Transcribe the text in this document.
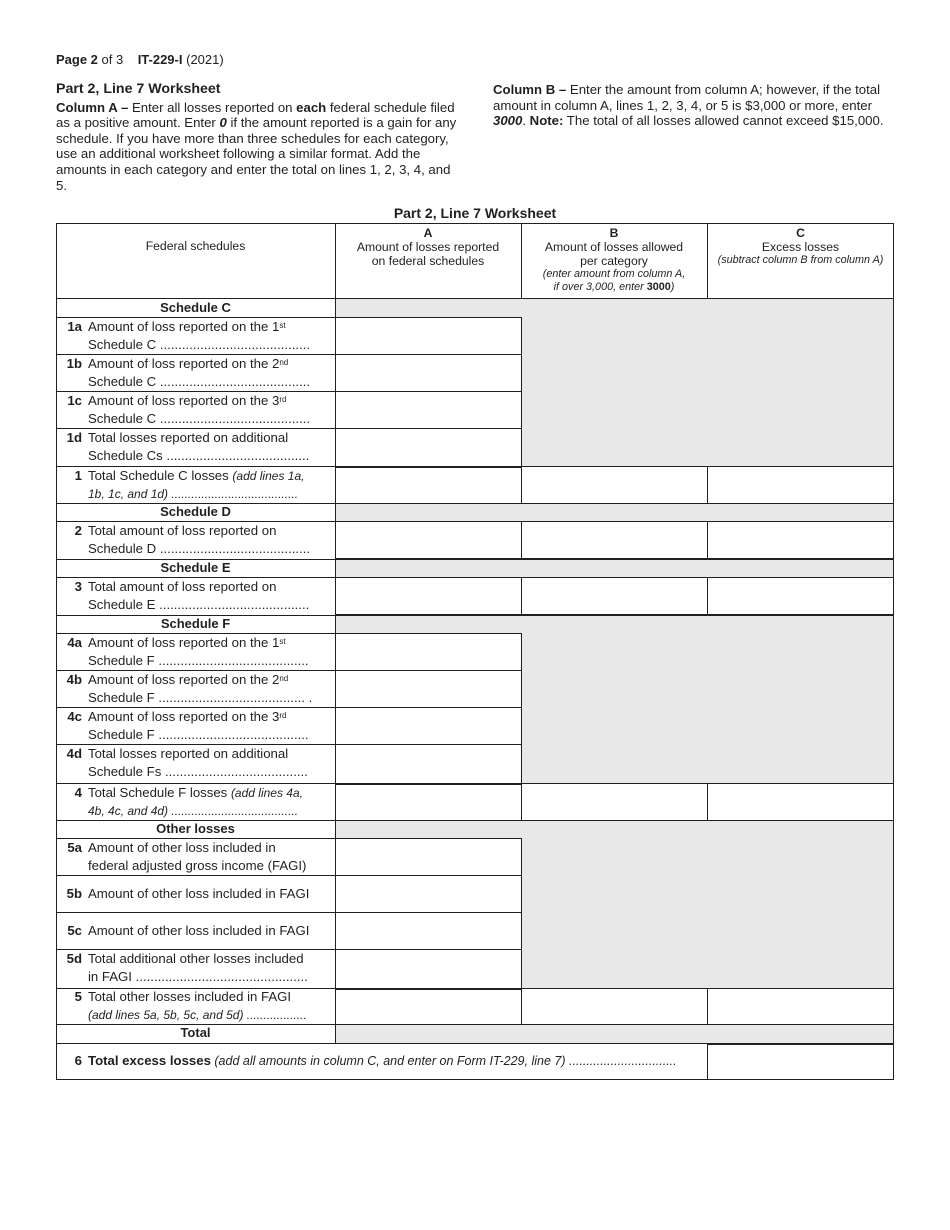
Page 2 of 3 IT-229-I (2021)
Part 2, Line 7 Worksheet

Column A – Enter all losses reported on each federal schedule filed as a positive amount. Enter 0 if the amount reported is a gain for any schedule. If you have more than three schedules for each category, use an additional worksheet following a similar format. Add the amounts in each category and enter the total on lines 1, 2, 3, 4, and 5.

Column B – Enter the amount from column A; however, if the total amount in column A, lines 1, 2, 3, 4, or 5 is $3,000 or more, enter 3000. Note: The total of all losses allowed cannot exceed $15,000.

Part 2, Line 7 Worksheet
Federal schedules
A
Amount of losses reported
on federal schedules
B
Amount of losses allowed
per category
(enter amount from column A,
if over 3,000, enter 3000)
C
Excess losses
(subtract column B from column A)
Schedule C
Schedule D
Schedule E
Schedule F
Other losses
Total
1a Amount of loss reported on the 1st
Schedule C .........................................
1b Amount of loss reported on the 2nd
Schedule C .........................................
1c Amount of loss reported on the 3rd
Schedule C .........................................
1d Total losses reported on additional
Schedule Cs .......................................
1 Total Schedule C losses (add lines 1a,
1b, 1c, and 1d) ......................................
2 Total amount of loss reported on
Schedule D .........................................
3 Total amount of loss reported on
Schedule E .........................................
4a Amount of loss reported on the 1st
Schedule F .........................................
4b Amount of loss reported on the 2nd
Schedule F ........................................ .
4c Amount of loss reported on the 3rd
Schedule F .........................................
4d Total losses reported on additional
Schedule Fs .......................................
4 Total Schedule F losses (add lines 4a,
4b, 4c, and 4d) ......................................
5a Amount of other loss included in
federal adjusted gross income (FAGI)
5b Amount of other loss included in FAGI
5c Amount of other loss included in FAGI
5d Total additional other losses included
in FAGI ...............................................
5 Total other losses included in FAGI
(add lines 5a, 5b, 5c, and 5d) ..................
6 Total excess losses (add all amounts in column C, and enter on Form IT-229, line 7) ...............................
